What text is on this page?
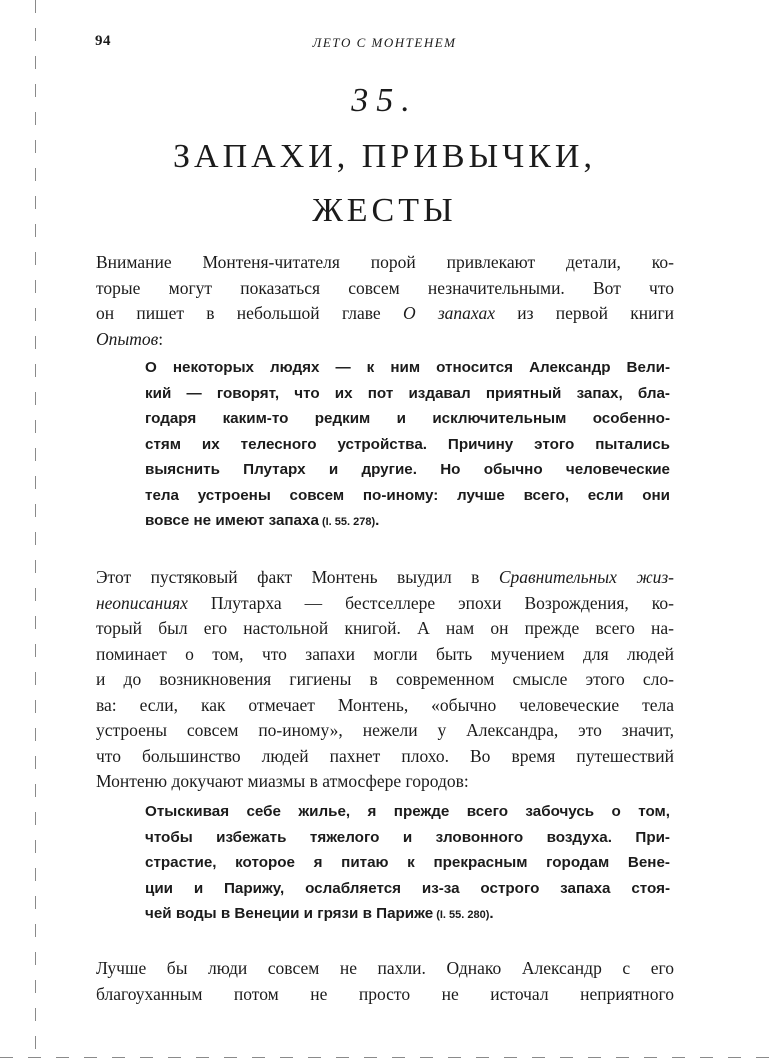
94	ЛЕТО С МОНТЕНЕМ
35.
ЗАПАХИ, ПРИВЫЧКИ,
ЖЕСТЫ
Внимание Монтеня-читателя порой привлекают детали, ко-
торые могут показаться совсем незначительными. Вот что
он пишет в небольшой главе О запахах из первой книги
Опытов:
О некоторых людях — к ним относится Александр Вели-
кий — говорят, что их пот издавал приятный запах, бла-
годаря каким-то редким и исключительным особенно-
стям их телесного устройства. Причину этого пытались
выяснить Плутарх и другие. Но обычно человеческие
тела устроены совсем по-иному: лучше всего, если они
вовсе не имеют запаха (I. 55. 278).
Этот пустяковый факт Монтень выудил в Сравнительных жиз-
неописаниях Плутарха — бестселлере эпохи Возрождения, ко-
торый был его настольной книгой. А нам он прежде всего на-
поминает о том, что запахи могли быть мучением для людей
и до возникновения гигиены в современном смысле этого сло-
ва: если, как отмечает Монтень, «обычно человеческие тела
устроены совсем по-иному», нежели у Александра, это значит,
что большинство людей пахнет плохо. Во время путешествий
Монтеню докучают миазмы в атмосфере городов:
Отыскивая себе жилье, я прежде всего забочусь о том,
чтобы избежать тяжелого и зловонного воздуха. При-
страстие, которое я питаю к прекрасным городам Вене-
ции и Парижу, ослабляется из-за острого запаха стоя-
чей воды в Венеции и грязи в Париже (I. 55. 280).
Лучше бы люди совсем не пахли. Однако Александр с его
благоуханным потом не просто не источал неприятного
